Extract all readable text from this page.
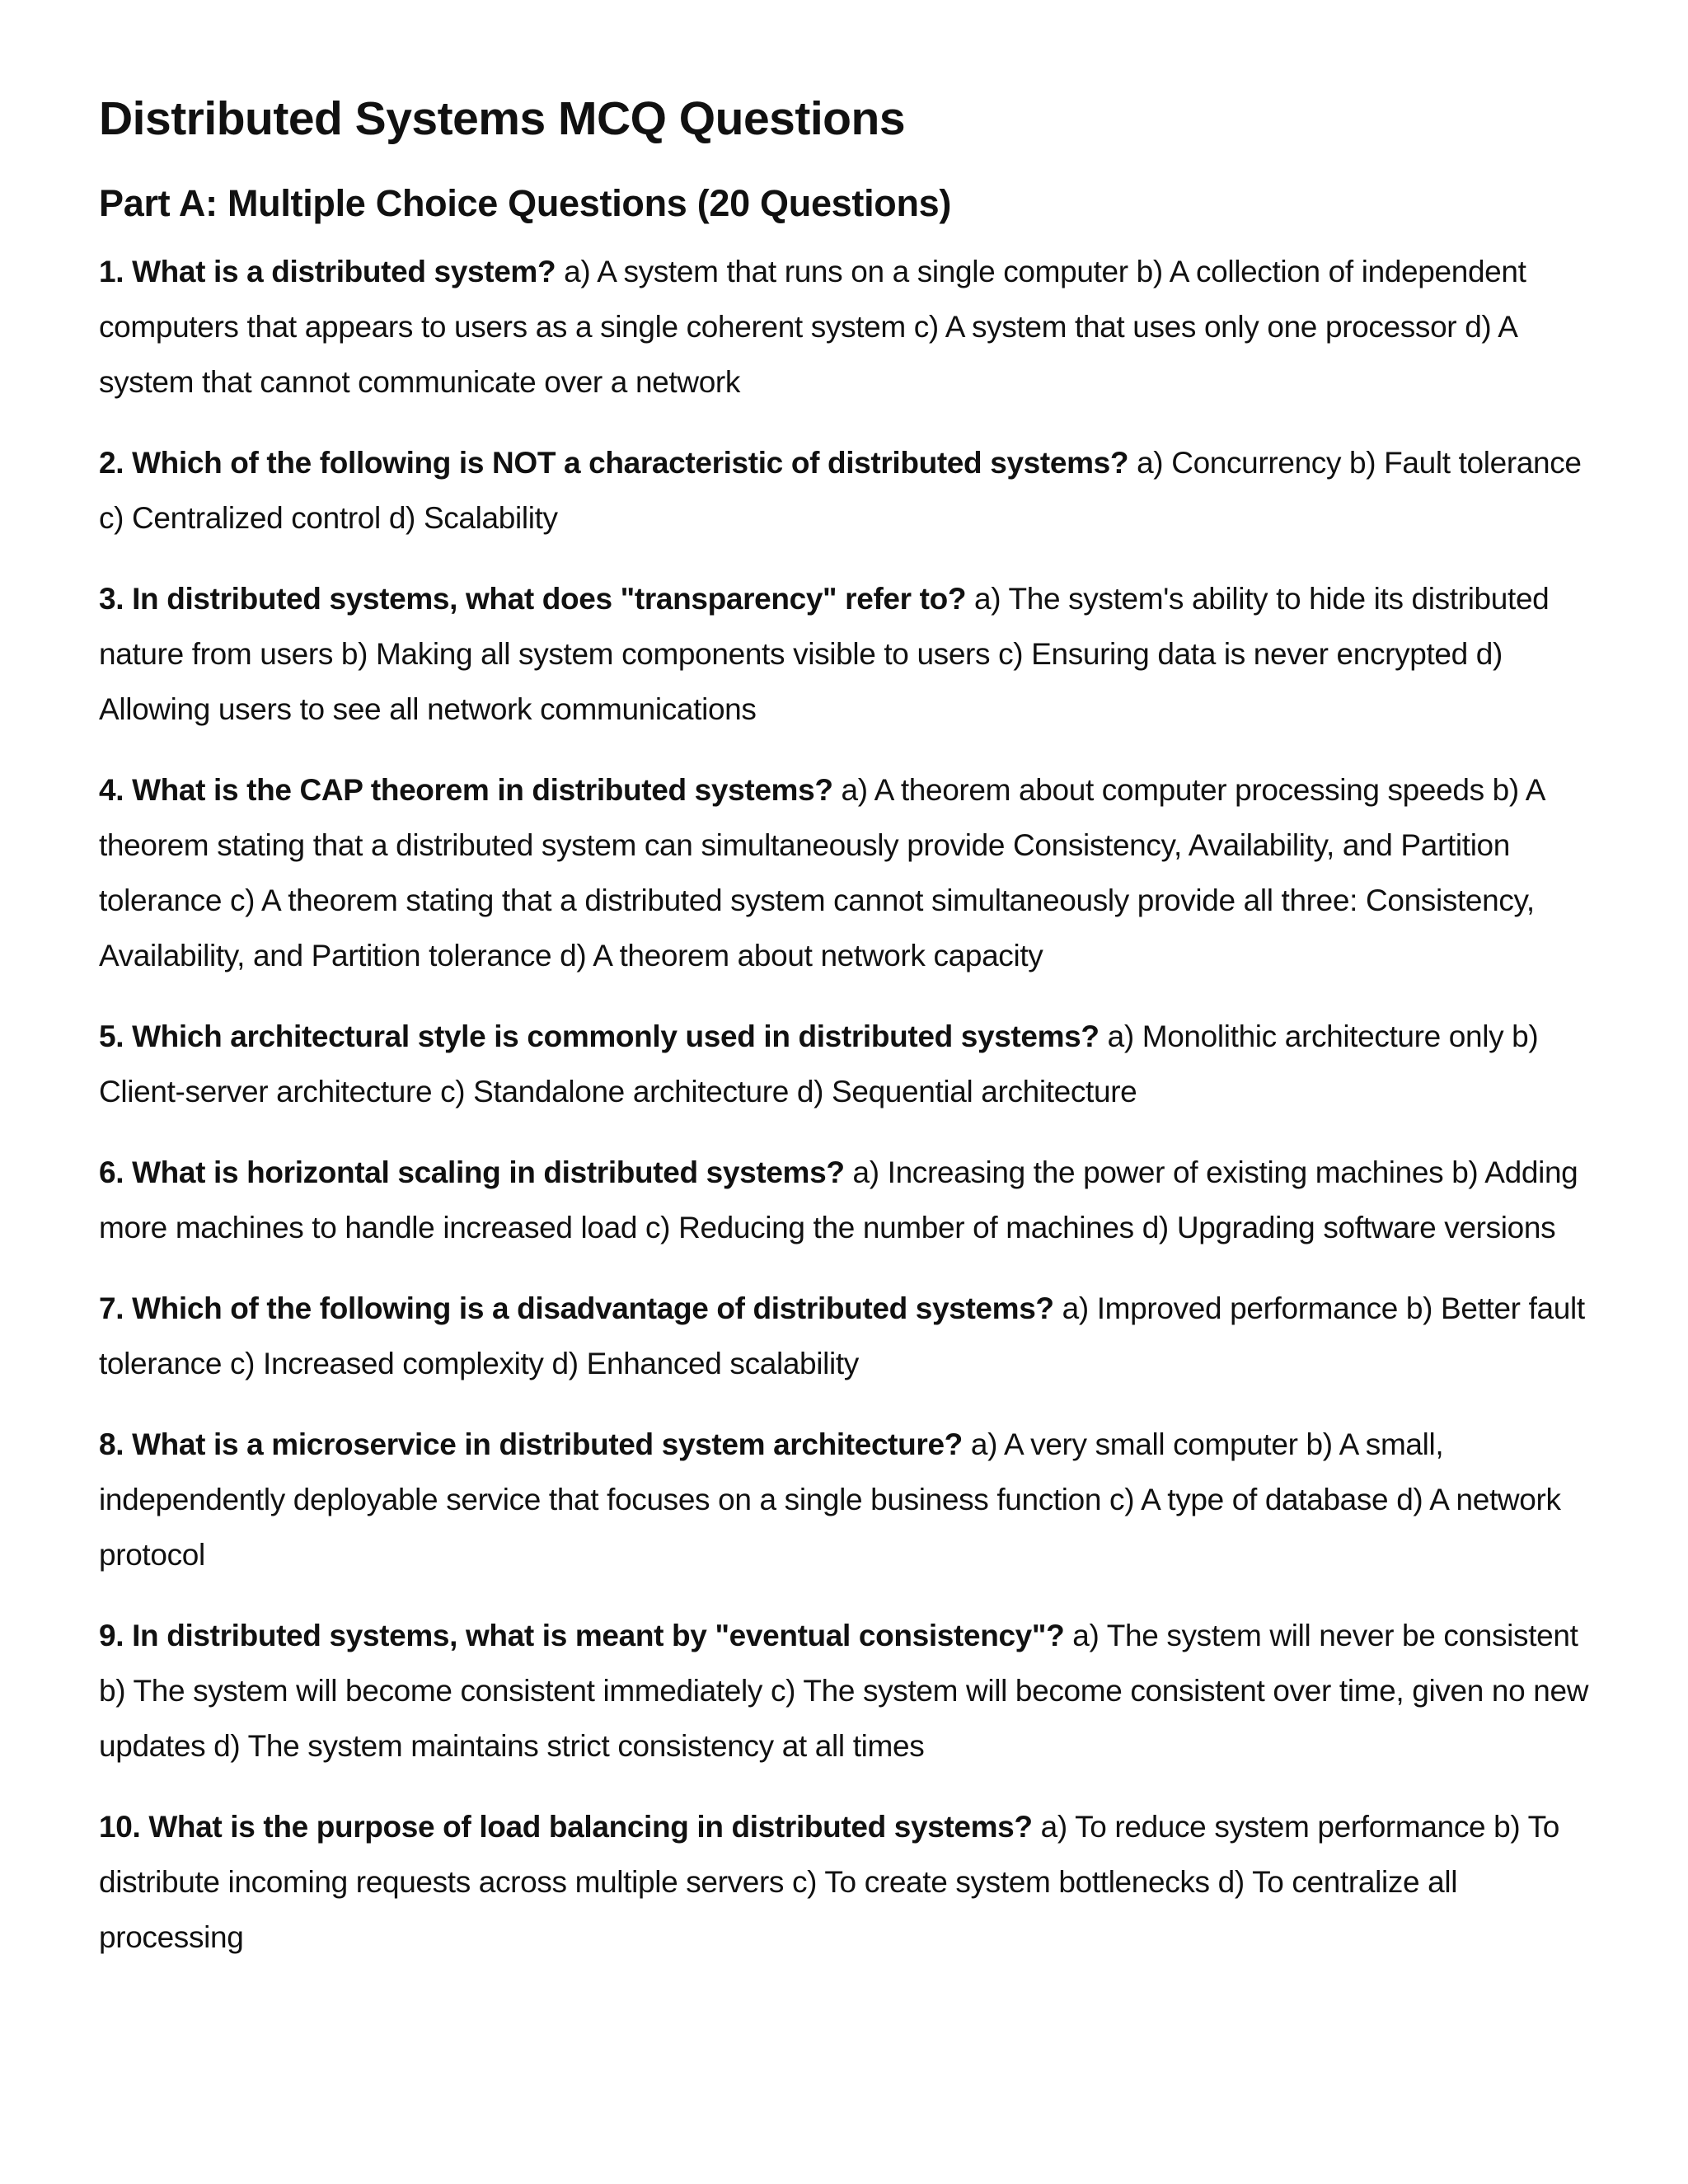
Distributed Systems MCQ Questions
Part A: Multiple Choice Questions (20 Questions)

1. What is a distributed system? a) A system that runs on a single computer b) A collection of independent computers that appears to users as a single coherent system c) A system that uses only one processor d) A system that cannot communicate over a network

2. Which of the following is NOT a characteristic of distributed systems? a) Concurrency b) Fault tolerance c) Centralized control d) Scalability

3. In distributed systems, what does "transparency" refer to? a) The system's ability to hide its distributed nature from users b) Making all system components visible to users c) Ensuring data is never encrypted d) Allowing users to see all network communications

4. What is the CAP theorem in distributed systems? a) A theorem about computer processing speeds b) A theorem stating that a distributed system can simultaneously provide Consistency, Availability, and Partition tolerance c) A theorem stating that a distributed system cannot simultaneously provide all three: Consistency, Availability, and Partition tolerance d) A theorem about network capacity

5. Which architectural style is commonly used in distributed systems? a) Monolithic architecture only b) Client-server architecture c) Standalone architecture d) Sequential architecture

6. What is horizontal scaling in distributed systems? a) Increasing the power of existing machines b) Adding more machines to handle increased load c) Reducing the number of machines d) Upgrading software versions

7. Which of the following is a disadvantage of distributed systems? a) Improved performance b) Better fault tolerance c) Increased complexity d) Enhanced scalability

8. What is a microservice in distributed system architecture? a) A very small computer b) A small, independently deployable service that focuses on a single business function c) A type of database d) A network protocol

9. In distributed systems, what is meant by "eventual consistency"? a) The system will never be consistent b) The system will become consistent immediately c) The system will become consistent over time, given no new updates d) The system maintains strict consistency at all times

10. What is the purpose of load balancing in distributed systems? a) To reduce system performance b) To distribute incoming requests across multiple servers c) To create system bottlenecks d) To centralize all processing
